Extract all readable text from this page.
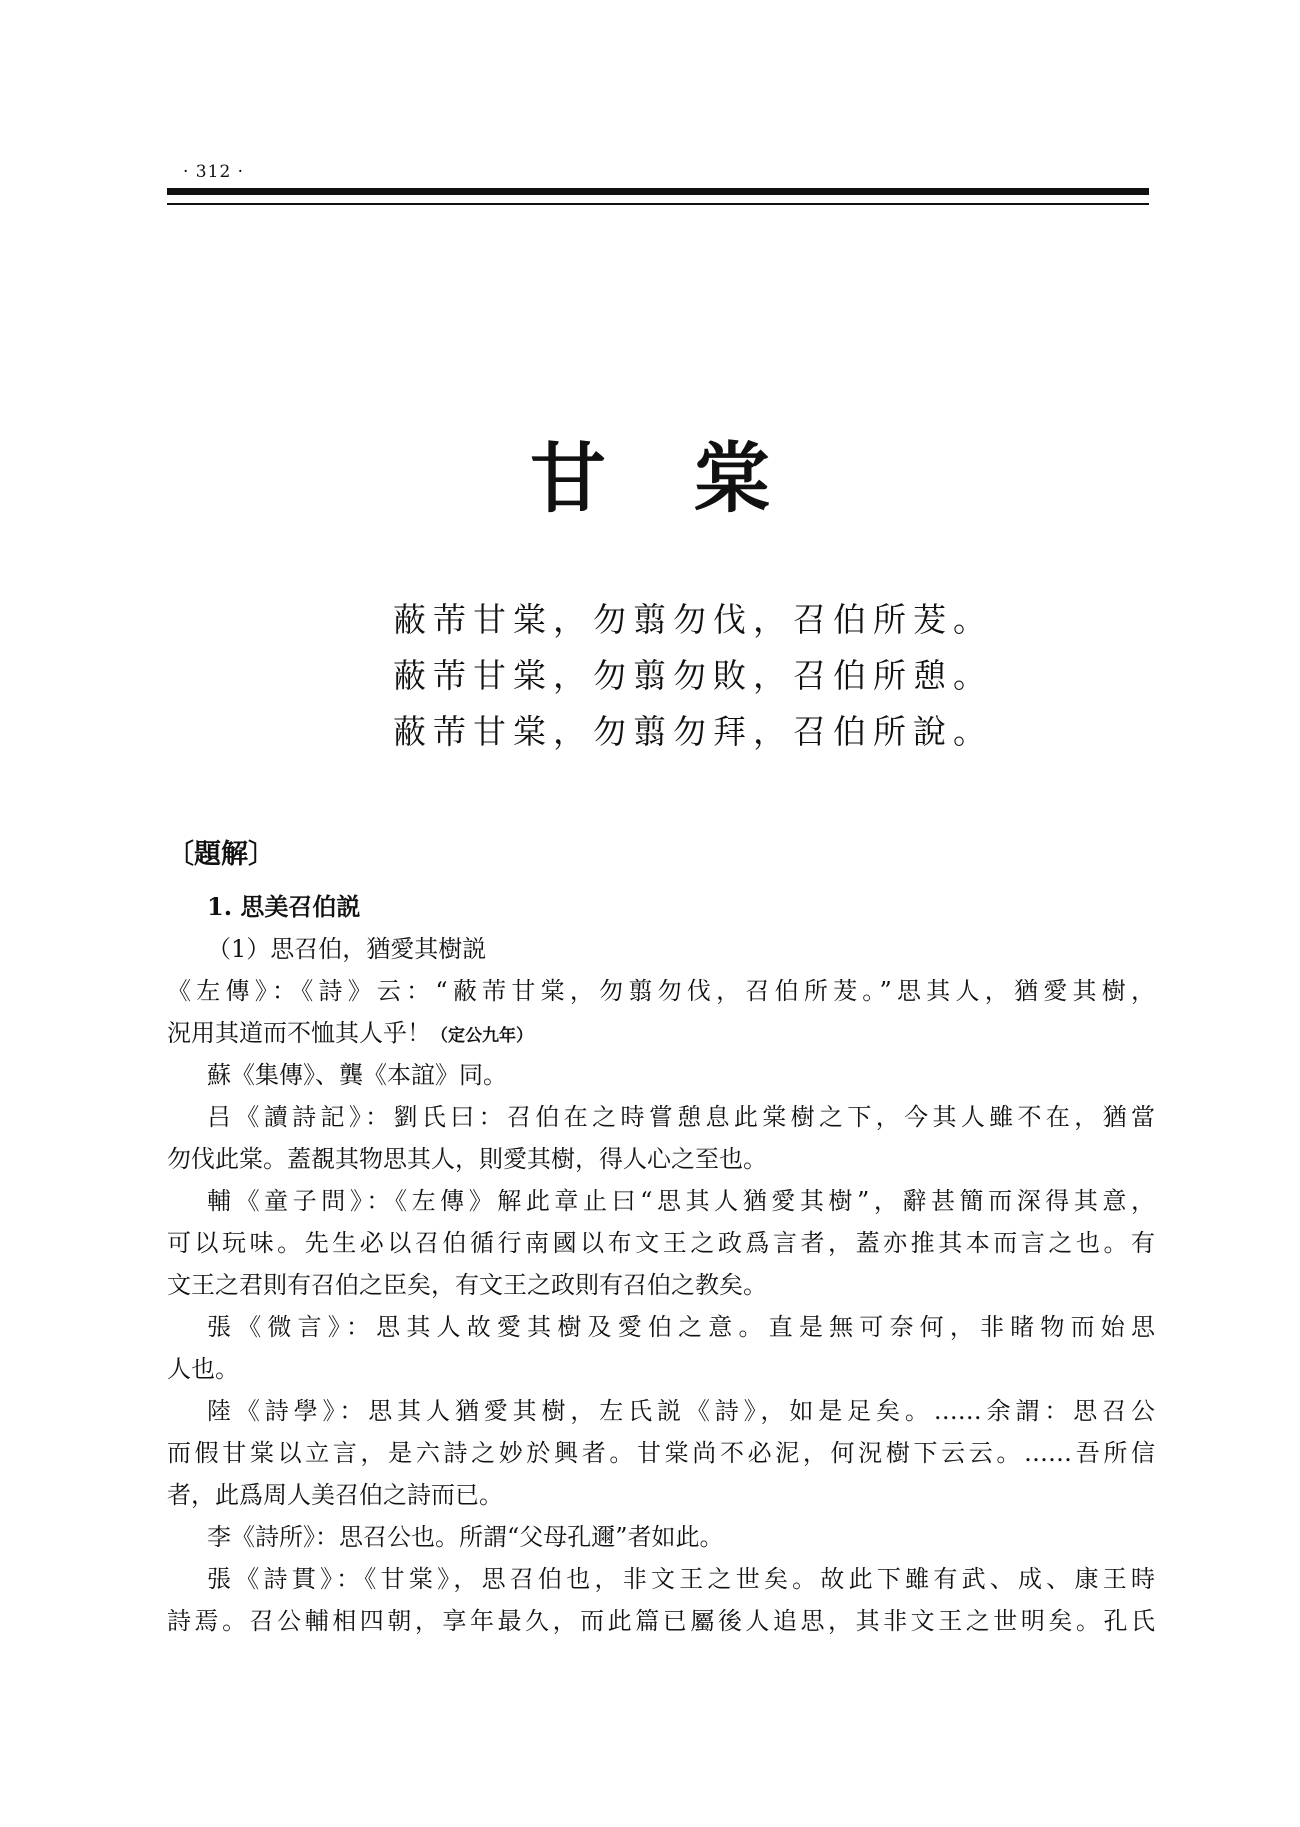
· 312 ·
甘 棠
蔽芾甘棠，勿翦勿伐，召伯所茇。
蔽芾甘棠，勿翦勿敗，召伯所憩。
蔽芾甘棠，勿翦勿拜，召伯所說。
〔題解〕
1. 思美召伯説
（1）思召伯，猶愛其樹説
《左傳》：《詩》云：“蔽芾甘棠，勿翦勿伐，召伯所茇。”思其人，猶愛其樹，
況用其道而不恤其人乎！（定公九年）
蘇《集傳》、龔《本誼》同。
吕《讀詩記》：劉氏曰：召伯在之時嘗憩息此棠樹之下，今其人雖不在，猶當
勿伐此棠。蓋覩其物思其人，則愛其樹，得人心之至也。
輔《童子問》：《左傳》解此章止曰“思其人猶愛其樹”，辭甚簡而深得其意，
可以玩味。先生必以召伯循行南國以布文王之政爲言者，蓋亦推其本而言之也。有
文王之君則有召伯之臣矣，有文王之政則有召伯之教矣。
張《微言》：思其人故愛其樹及愛伯之意。直是無可奈何，非睹物而始思
人也。
陸《詩學》：思其人猶愛其樹，左氏説《詩》，如是足矣。……余謂：思召公
而假甘棠以立言，是六詩之妙於興者。甘棠尚不必泥，何況樹下云云。……吾所信
者，此爲周人美召伯之詩而已。
李《詩所》：思召公也。所謂“父母孔邇”者如此。
張《詩貫》：《甘棠》，思召伯也，非文王之世矣。故此下雖有武、成、康王時
詩焉。召公輔相四朝，享年最久，而此篇已屬後人追思，其非文王之世明矣。孔氏
